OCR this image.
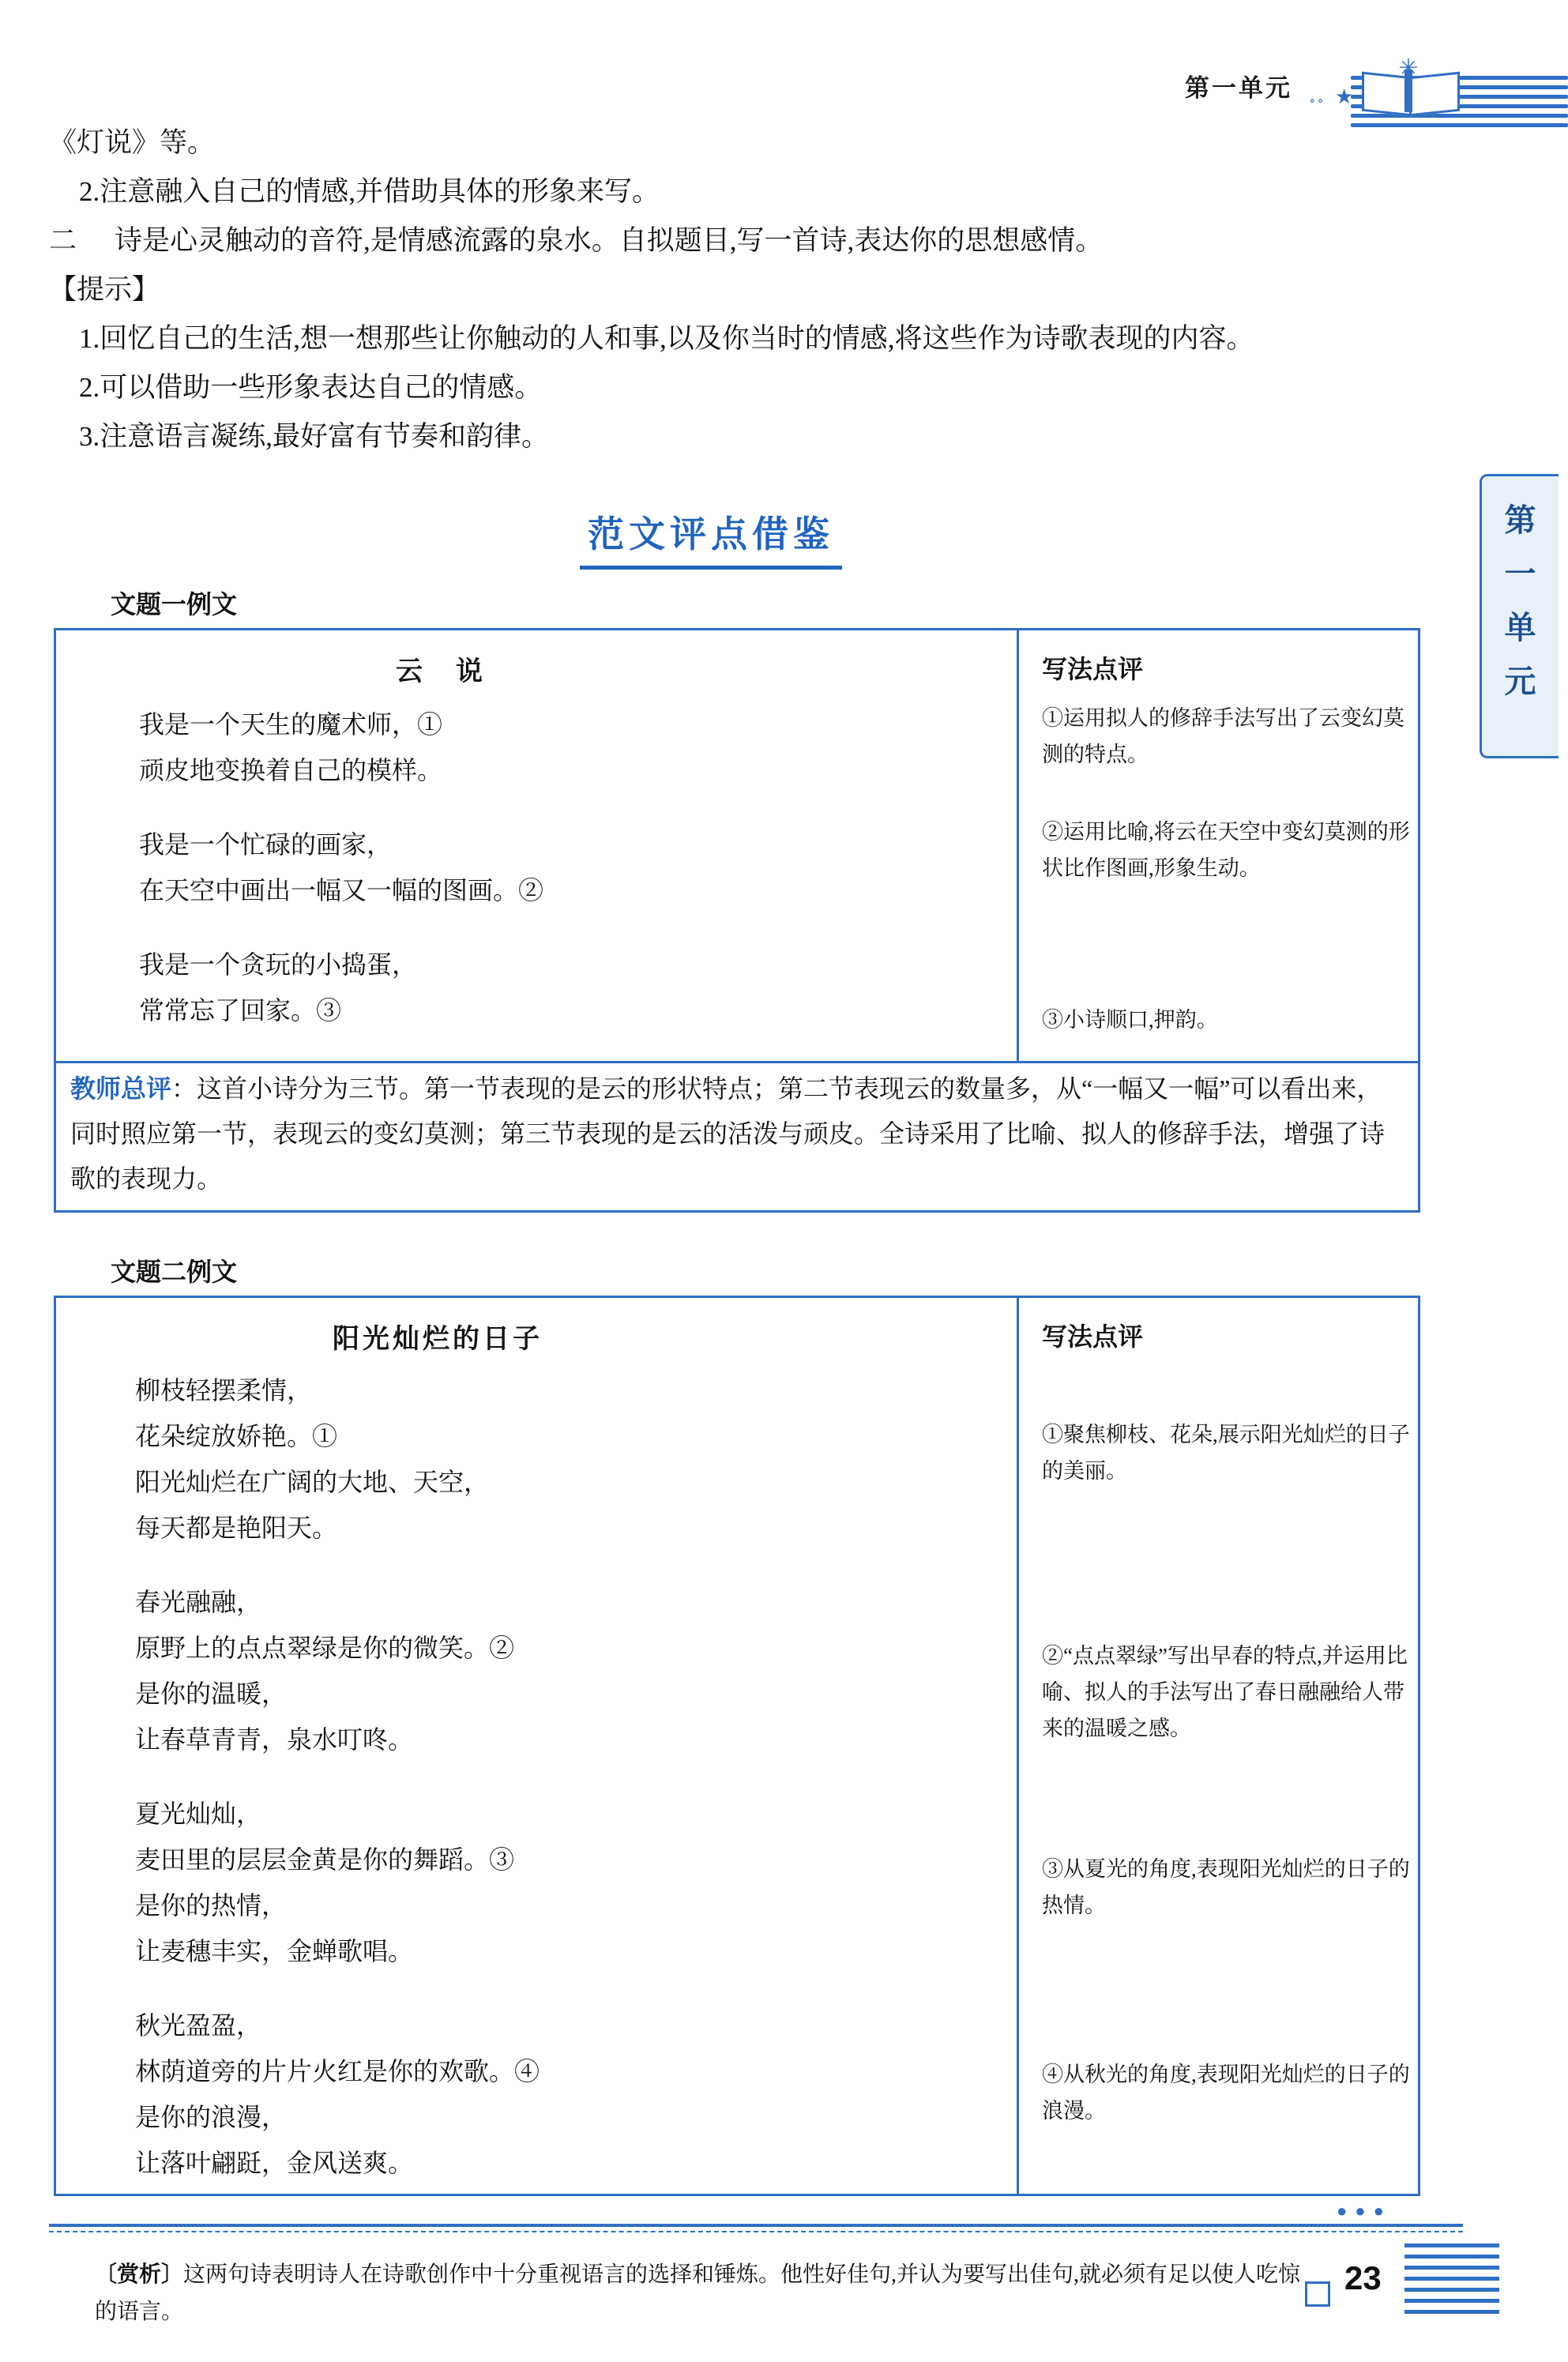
第一单元 ∘∘ ★
✳
第
一
单
元

《灯说》等。

2.注意融入自己的情感,并借助具体的形象来写。

二 诗是心灵触动的音符,是情感流露的泉水。自拟题目,写一首诗,表达你的思想感情。

【提示】

1.回忆自己的生活,想一想那些让你触动的人和事,以及你当时的情感,将这些作为诗歌表现的内容。

2.可以借助一些形象表达自己的情感。

3.注意语言凝练,最好富有节奏和韵律。

范文评点借鉴
文题一例文
云　说

我是一个天生的魔术师，①
顽皮地变换着自己的模样。

我是一个忙碌的画家，
在天空中画出一幅又一幅的图画。②

我是一个贪玩的小捣蛋，
常常忘了回家。③

写法点评
①运用拟人的修辞手法写出了云变幻莫测的特点。
②运用比喻,将云在天空中变幻莫测的形状比作图画,形象生动。
③小诗顺口,押韵。
教师总评：这首小诗分为三节。第一节表现的是云的形状特点；第二节表现云的数量多，从“一幅又一幅”可以看出来，同时照应第一节，表现云的变幻莫测；第三节表现的是云的活泼与顽皮。全诗采用了比喻、拟人的修辞手法，增强了诗歌的表现力。
文题二例文
阳光灿烂的日子

柳枝轻摆柔情，
花朵绽放娇艳。①
阳光灿烂在广阔的大地、天空，
每天都是艳阳天。

春光融融，
原野上的点点翠绿是你的微笑。②
是你的温暖，
让春草青青，泉水叮咚。

夏光灿灿，
麦田里的层层金黄是你的舞蹈。③
是你的热情，
让麦穗丰实，金蝉歌唱。

秋光盈盈，
林荫道旁的片片火红是你的欢歌。④
是你的浪漫，
让落叶翩跹，金风送爽。

写法点评
①聚焦柳枝、花朵,展示阳光灿烂的日子的美丽。
②“点点翠绿”写出早春的特点,并运用比喻、拟人的手法写出了春日融融给人带来的温暖之感。
③从夏光的角度,表现阳光灿烂的日子的热情。
④从秋光的角度,表现阳光灿烂的日子的浪漫。
●●●
〔赏析〕这两句诗表明诗人在诗歌创作中十分重视语言的选择和锤炼。他性好佳句,并认为要写出佳句,就必须有足以使人吃惊的语言。
23
